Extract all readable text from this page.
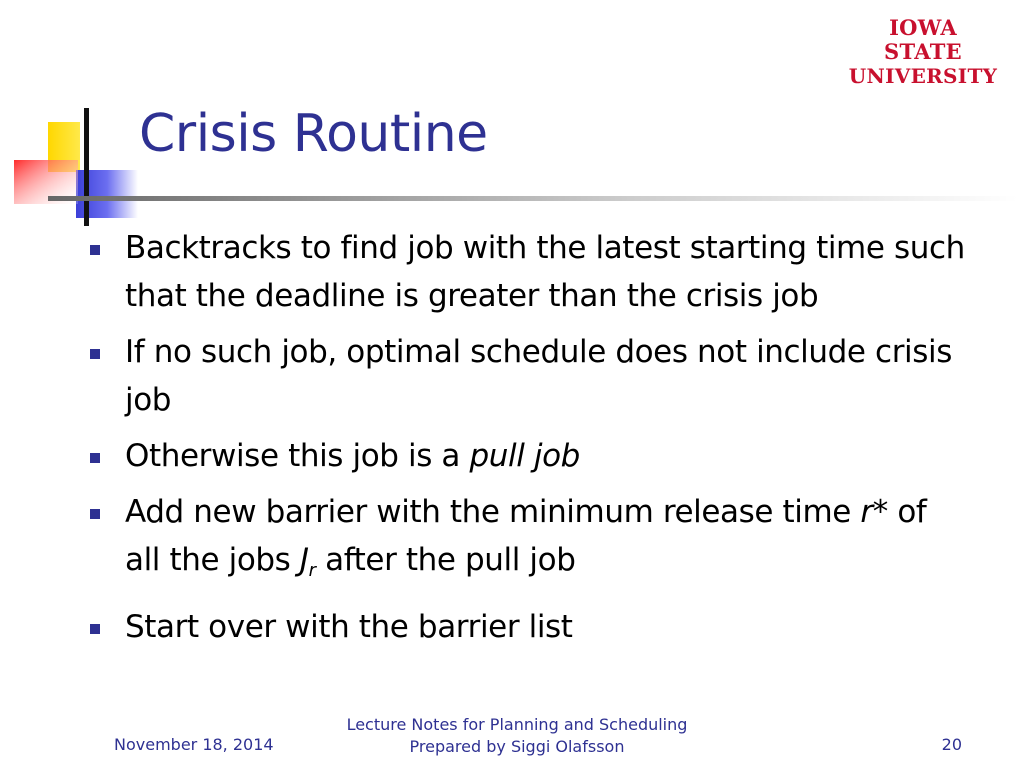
IOWA STATE
UNIVERSITY
Crisis Routine
Backtracks to find job with the latest starting time such that the deadline is greater than the crisis job
If no such job, optimal schedule does not include crisis job
Otherwise this job is a pull job
Add new barrier with the minimum release time r* of all the jobs $J_r$ after the pull job
Start over with the barrier list
November 18, 2014
Lecture Notes for Planning and Scheduling
Prepared by Siggi Olafsson	20
